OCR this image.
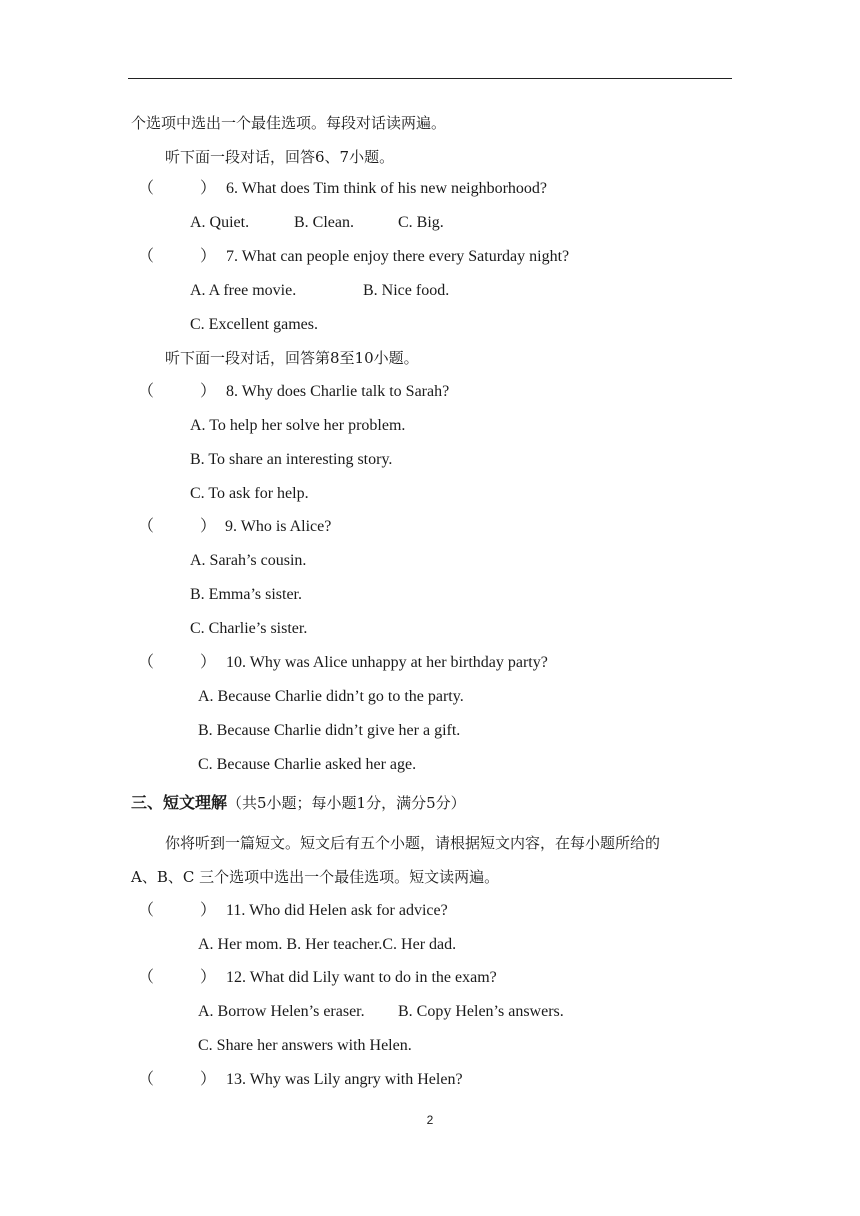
个选项中选出一个最佳选项。每段对话读两遍。
听下面一段对话，回答6、7小题。
（	） 6. What does Tim think of his new neighborhood?
A. Quiet.	B. Clean.	C. Big.
（	） 7. What can people enjoy there every Saturday night?
A. A free movie.	B. Nice food.
C. Excellent games.
听下面一段对话，回答第8至10小题。
（	） 8. Why does Charlie talk to Sarah?
A. To help her solve her problem.
B. To share an interesting story.
C. To ask for help.
（	） 9. Who is Alice?
A. Sarah’s cousin.
B. Emma’s sister.
C. Charlie’s sister.
（	） 10. Why was Alice unhappy at her birthday party?
A. Because Charlie didn’t go to the party.
B. Because Charlie didn’t give her a gift.
C. Because Charlie asked her age.
三、短文理解（共5小题；每小题1分，满分5分）
你将听到一篇短文。短文后有五个小题，请根据短文内容，在每小题所给的
A、B、C 三个选项中选出一个最佳选项。短文读两遍。
（	） 11. Who did Helen ask for advice?
A. Her mom. B. Her teacher.C. Her dad.
（	） 12. What did Lily want to do in the exam?
A. Borrow Helen’s eraser. B. Copy Helen’s answers.
C. Share her answers with Helen.
（	） 13. Why was Lily angry with Helen?
2
